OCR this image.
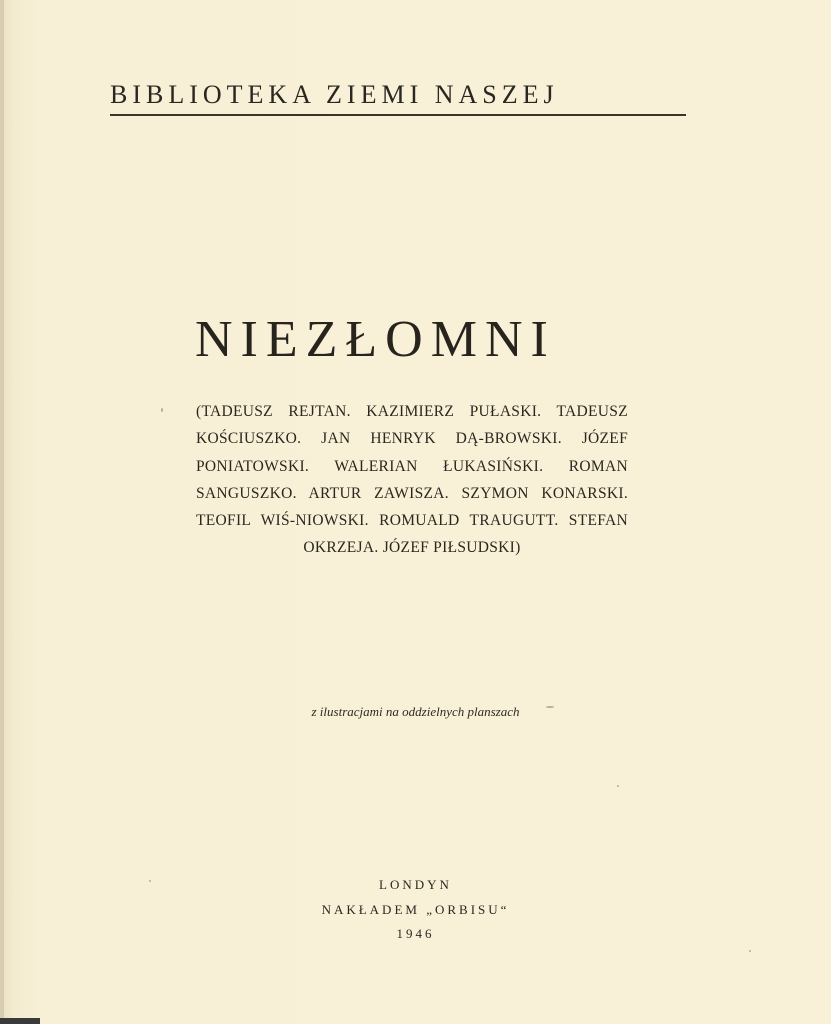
BIBLIOTEKA ZIEMI NASZEJ
NIEZŁOMNI
(TADEUSZ REJTAN. KAZIMIERZ PUŁASKI. TADEUSZ KOŚCIUSZKO. JAN HENRYK DĄ-BROWSKI. JÓZEF PONIATOWSKI. WALERIAN ŁUKASIŃSKI. ROMAN SANGUSZKO. ARTUR ZAWISZA. SZYMON KONARSKI. TEOFIL WIŚ-NIOWSKI. ROMUALD TRAUGUTT. STEFAN OKRZEJA. JÓZEF PIŁSUDSKI)
z ilustracjami na oddzielnych planszach
LONDYN
NAKŁADEM „ORBISU“
1946
